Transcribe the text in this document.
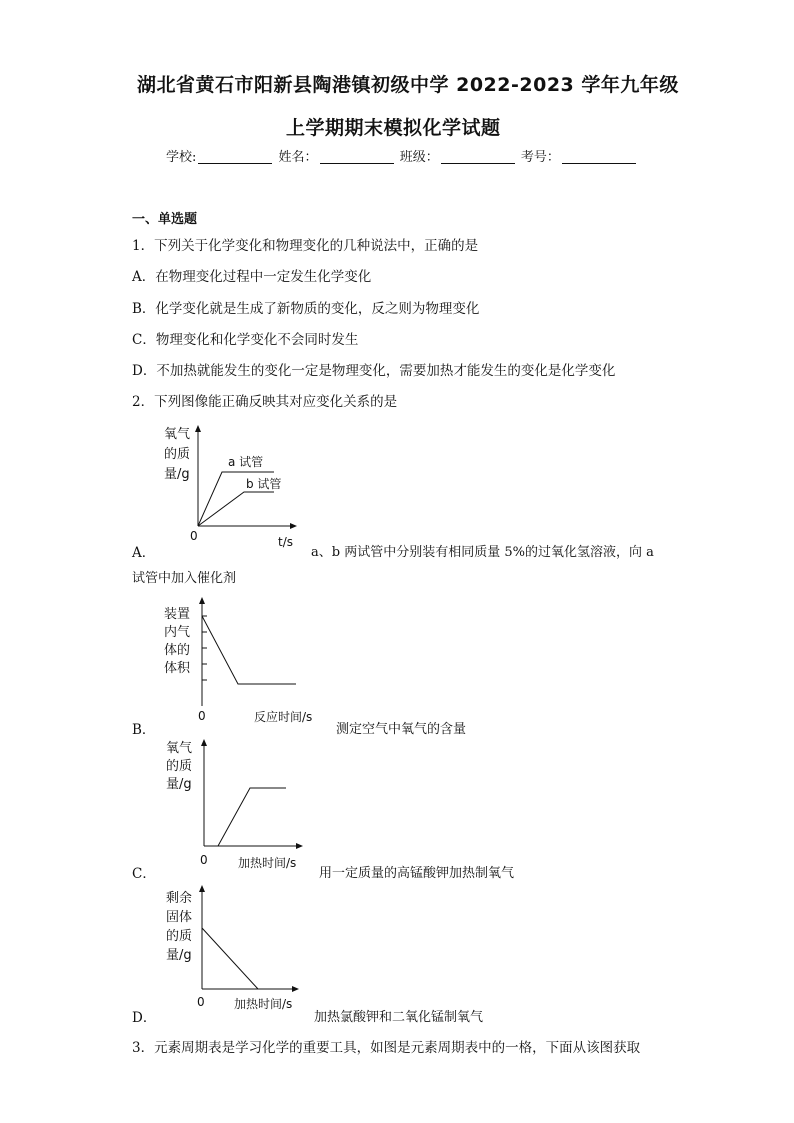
湖北省黄石市阳新县陶港镇初级中学 2022-2023 学年九年级
上学期期末模拟化学试题
学校:	姓名：	班级：	考号：
一、单选题
1．下列关于化学变化和物理变化的几种说法中，正确的是
A．在物理变化过程中一定发生化学变化
B．化学变化就是生成了新物质的变化，反之则为物理变化
C．物理变化和化学变化不会同时发生
D．不加热就能发生的变化一定是物理变化，需要加热才能发生的变化是化学变化
2．下列图像能正确反映其对应变化关系的是
氧气
的质
量/g
a 试管
b 试管
0	t/s
A．	a、b 两试管中分别装有相同质量 5%的过氧化氢溶液，向 a
试管中加入催化剂
装置
内气
体的
体积
0	反应时间/s
B．	测定空气中氧气的含量
氧气
的质
量/g
0	加热时间/s
C．	用一定质量的高锰酸钾加热制氧气
剩余
固体
的质
量/g
0 加热时间/s
D．	加热氯酸钾和二氧化锰制氧气
3．元素周期表是学习化学的重要工具，如图是元素周期表中的一格，下面从该图获取
